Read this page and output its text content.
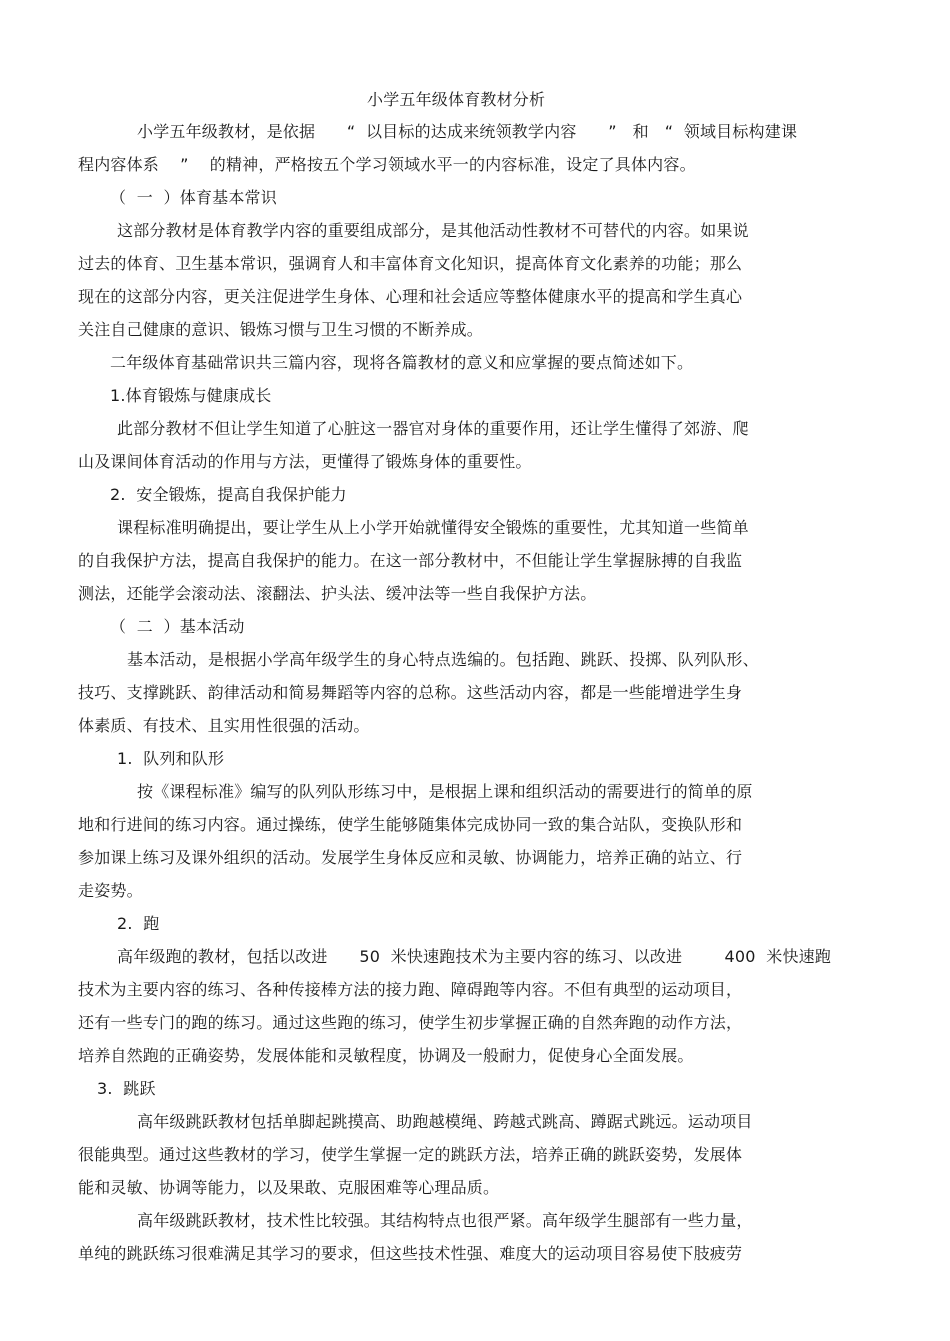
小学五年级体育教材分析
小学五年级教材，是依据      “  以目标的达成来统领教学内容      ”   和   “  领域目标构建课
程内容体系    ”    的精神，严格按五个学习领域水平一的内容标准，设定了具体内容。
（  一  ）体育基本常识
这部分教材是体育教学内容的重要组成部分，是其他活动性教材不可替代的内容。如果说
过去的体育、卫生基本常识，强调育人和丰富体育文化知识，提高体育文化素养的功能；那么
现在的这部分内容，更关注促进学生身体、心理和社会适应等整体健康水平的提高和学生真心
关注自己健康的意识、锻炼习惯与卫生习惯的不断养成。
二年级体育基础常识共三篇内容，现将各篇教材的意义和应掌握的要点简述如下。
1.体育锻炼与健康成长
此部分教材不但让学生知道了心脏这一器官对身体的重要作用，还让学生懂得了郊游、爬
山及课间体育活动的作用与方法，更懂得了锻炼身体的重要性。
2.  安全锻炼，提高自我保护能力
课程标准明确提出，要让学生从上小学开始就懂得安全锻炼的重要性，尤其知道一些简单
的自我保护方法，提高自我保护的能力。在这一部分教材中，不但能让学生掌握脉搏的自我监
测法，还能学会滚动法、滚翻法、护头法、缓冲法等一些自我保护方法。
（  二  ）基本活动
基本活动，是根据小学高年级学生的身心特点选编的。包括跑、跳跃、投掷、队列队形、
技巧、支撑跳跃、韵律活动和简易舞蹈等内容的总称。这些活动内容，都是一些能增进学生身
体素质、有技术、且实用性很强的活动。
1.  队列和队形
按《课程标准》编写的队列队形练习中，是根据上课和组织活动的需要进行的简单的原
地和行进间的练习内容。通过操练，使学生能够随集体完成协同一致的集合站队，变换队形和
参加课上练习及课外组织的活动。发展学生身体反应和灵敏、协调能力，培养正确的站立、行
走姿势。
2.  跑
高年级跑的教材，包括以改进      50  米快速跑技术为主要内容的练习、以改进        400  米快速跑
技术为主要内容的练习、各种传接棒方法的接力跑、障碍跑等内容。不但有典型的运动项目，
还有一些专门的跑的练习。通过这些跑的练习，使学生初步掌握正确的自然奔跑的动作方法，
培养自然跑的正确姿势，发展体能和灵敏程度，协调及一般耐力，促使身心全面发展。
3.  跳跃
高年级跳跃教材包括单脚起跳摸高、助跑越模绳、跨越式跳高、蹲踞式跳远。运动项目
很能典型。通过这些教材的学习，使学生掌握一定的跳跃方法，培养正确的跳跃姿势，发展体
能和灵敏、协调等能力，以及果敢、克服困难等心理品质。
高年级跳跃教材，技术性比较强。其结构特点也很严紧。高年级学生腿部有一些力量，
单纯的跳跃练习很难满足其学习的要求，但这些技术性强、难度大的运动项目容易使下肢疲劳
